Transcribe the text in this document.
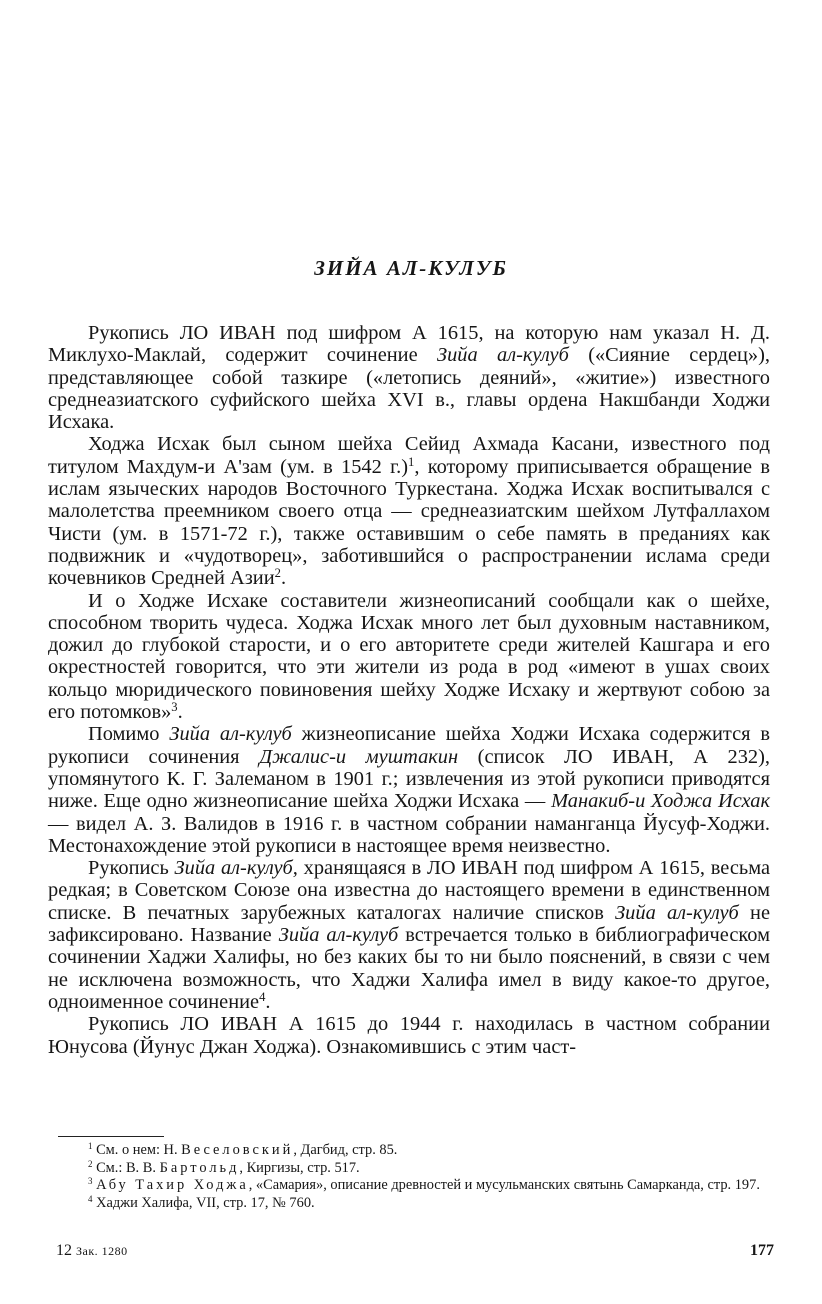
ЗИЙА АЛ-КУЛУБ

Рукопись ЛО ИВАН под шифром А 1615, на которую нам указал Н. Д. Миклухо-Маклай, содержит сочинение Зийа ал-кулуб («Сияние сердец»), представляющее собой тазкире («летопись деяний», «житие») известного среднеазиатского суфийского шейха XVI в., главы ордена Накшбанди Ходжи Исхака.

Ходжа Исхак был сыном шейха Сейид Ахмада Касани, известного под титулом Махдум-и А'зам (ум. в 1542 г.)$^1$, которому приписывается обращение в ислам языческих народов Восточного Туркестана. Ходжа Исхак воспитывался с малолетства преемником своего отца — среднеазиатским шейхом Лутфаллахом Чисти (ум. в 1571-72 г.), также оставившим о себе память в преданиях как подвижник и «чудотворец», заботившийся о распространении ислама среди кочевников Средней Азии$^2$.

И о Ходже Исхаке составители жизнеописаний сообщали как о шейхе, способном творить чудеса. Ходжа Исхак много лет был духовным наставником, дожил до глубокой старости, и о его авторитете среди жителей Кашгара и его окрестностей говорится, что эти жители из рода в род «имеют в ушах своих кольцо мюридического повиновения шейху Ходже Исхаку и жертвуют собою за его потомков»$^3$.

Помимо Зийа ал-кулуб жизнеописание шейха Ходжи Исхака содержится в рукописи сочинения Джалис-и муштакин (список ЛО ИВАН, А 232), упомянутого К. Г. Залеманом в 1901 г.; извлечения из этой рукописи приводятся ниже. Еще одно жизнеописание шейха Ходжи Исхака — Манакиб-и Ходжа Исхак — видел А. З. Валидов в 1916 г. в частном собрании наманганца Йусуф-Ходжи. Местонахождение этой рукописи в настоящее время неизвестно.

Рукопись Зийа ал-кулуб, хранящаяся в ЛО ИВАН под шифром А 1615, весьма редкая; в Советском Союзе она известна до настоящего времени в единственном списке. В печатных зарубежных каталогах наличие списков Зийа ал-кулуб не зафиксировано. Название Зийа ал-кулуб встречается только в библиографическом сочинении Хаджи Халифы, но без каких бы то ни было пояснений, в связи с чем не исключена возможность, что Хаджи Халифа имел в виду какое-то другое, одноименное сочинение$^4$.

Рукопись ЛО ИВАН А 1615 до 1944 г. находилась в частном собрании Юнусова (Йунус Джан Ходжа). Ознакомившись с этим част-

$^1$ См. о нем: Н. Веселовский, Дагбид, стр. 85.

$^2$ См.: В. В. Бартольд, Киргизы, стр. 517.

$^3$ Абу Тахир Ходжа, «Самария», описание древностей и мусульманских святынь Самарканда, стр. 197.

$^4$ Хаджи Халифа, VII, стр. 17, № 760.

12 Зак. 1280	177
